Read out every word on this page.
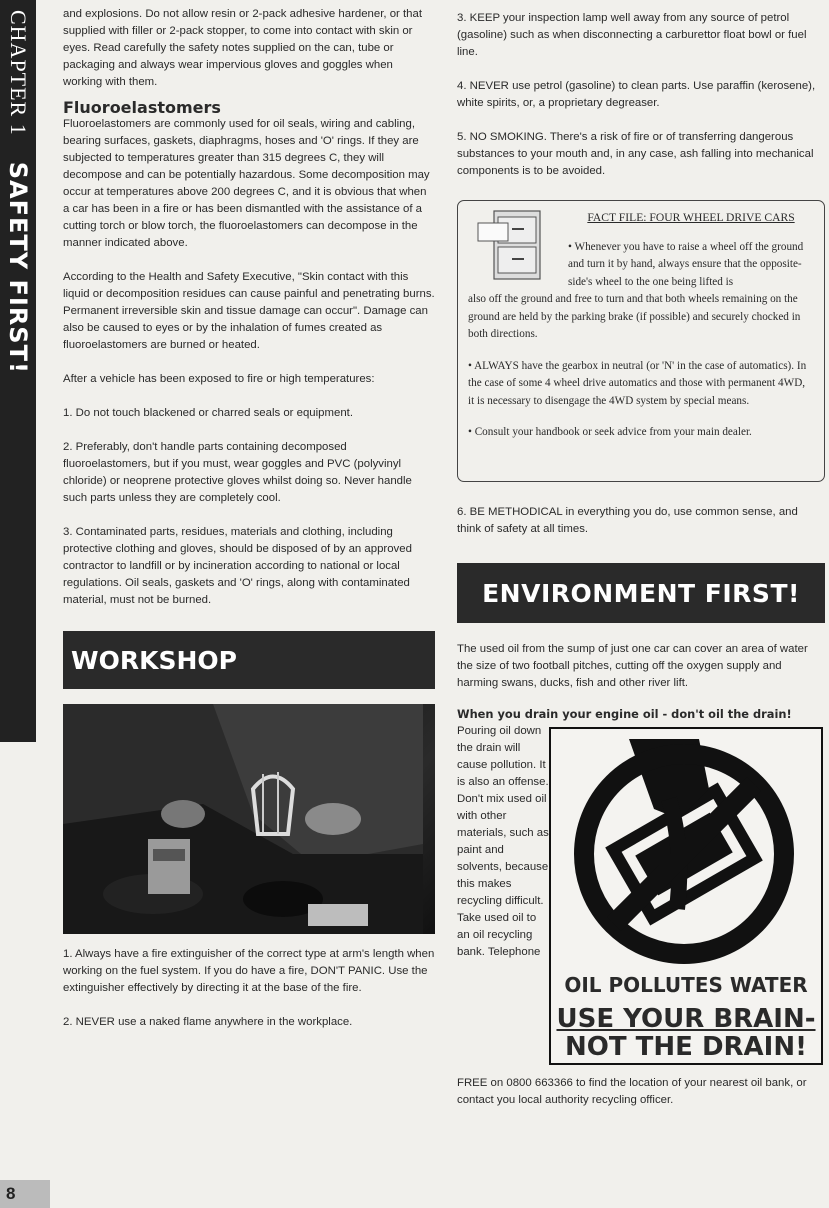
CHAPTER 1
SAFETY FIRST!
8

and explosions. Do not allow resin or 2-pack adhesive hardener, or that supplied with filler or 2-pack stopper, to come into contact with skin or eyes. Read carefully the safety notes supplied on the can, tube or packaging and always wear impervious gloves and goggles when working with them.

Fluoroelastomers

Fluoroelastomers are commonly used for oil seals, wiring and cabling, bearing surfaces, gaskets, diaphragms, hoses and 'O' rings. If they are subjected to temperatures greater than 315 degrees C, they will decompose and can be potentially hazardous. Some decomposition may occur at temperatures above 200 degrees C, and it is obvious that when a car has been in a fire or has been dismantled with the assistance of a cutting torch or blow torch, the fluoroelastomers can decompose in the manner indicated above.

According to the Health and Safety Executive, "Skin contact with this liquid or decomposition residues can cause painful and penetrating burns. Permanent irreversible skin and tissue damage can occur". Damage can also be caused to eyes or by the inhalation of fumes created as fluoroelastomers are burned or heated.

After a vehicle has been exposed to fire or high temperatures:

1. Do not touch blackened or charred seals or equipment.

2. Preferably, don't handle parts containing decomposed fluoroelastomers, but if you must, wear goggles and PVC (polyvinyl chloride) or neoprene protective gloves whilst doing so. Never handle such parts unless they are completely cool.

3. Contaminated parts, residues, materials and clothing, including protective clothing and gloves, should be disposed of by an approved contractor to landfill or by incineration according to national or local regulations. Oil seals, gaskets and 'O' rings, along with contaminated material, must not be burned.

WORKSHOP

1. Always have a fire extinguisher of the correct type at arm's length when working on the fuel system. If you do have a fire, DON'T PANIC. Use the extinguisher effectively by directing it at the base of the fire.

2. NEVER use a naked flame anywhere in the workplace.

3. KEEP your inspection lamp well away from any source of petrol (gasoline) such as when disconnecting a carburettor float bowl or fuel line.

4. NEVER use petrol (gasoline) to clean parts. Use paraffin (kerosene), white spirits, or, a proprietary degreaser.

5. NO SMOKING. There's a risk of fire or of transferring dangerous substances to your mouth and, in any case, ash falling into mechanical components is to be avoided.

FACT FILE: FOUR WHEEL DRIVE CARS

• Whenever you have to raise a wheel off the ground and turn it by hand, always ensure that the opposite-side's wheel to the one being lifted is

also off the ground and free to turn and that both wheels remaining on the ground are held by the parking brake (if possible) and securely chocked in both directions.

• ALWAYS have the gearbox in neutral (or 'N' in the case of automatics). In the case of some 4 wheel drive automatics and those with permanent 4WD, it is necessary to disengage the 4WD system by special means.

• Consult your handbook or seek advice from your main dealer.

6. BE METHODICAL in everything you do, use common sense, and think of safety at all times.

ENVIRONMENT FIRST!

The used oil from the sump of just one car can cover an area of water the size of two football pitches, cutting off the oxygen supply and harming swans, ducks, fish and other river lift.

When you drain your engine oil - don't oil the drain!

Pouring oil down the drain will cause pollution. It is also an offense. Don't mix used oil with other materials, such as paint and solvents, because this makes recycling difficult. Take used oil to an oil recycling bank. Telephone

OIL POLLUTES WATER
USE YOUR BRAIN-
NOT THE DRAIN!

FREE on 0800 663366 to find the location of your nearest oil bank, or contact you local authority recycling officer.
